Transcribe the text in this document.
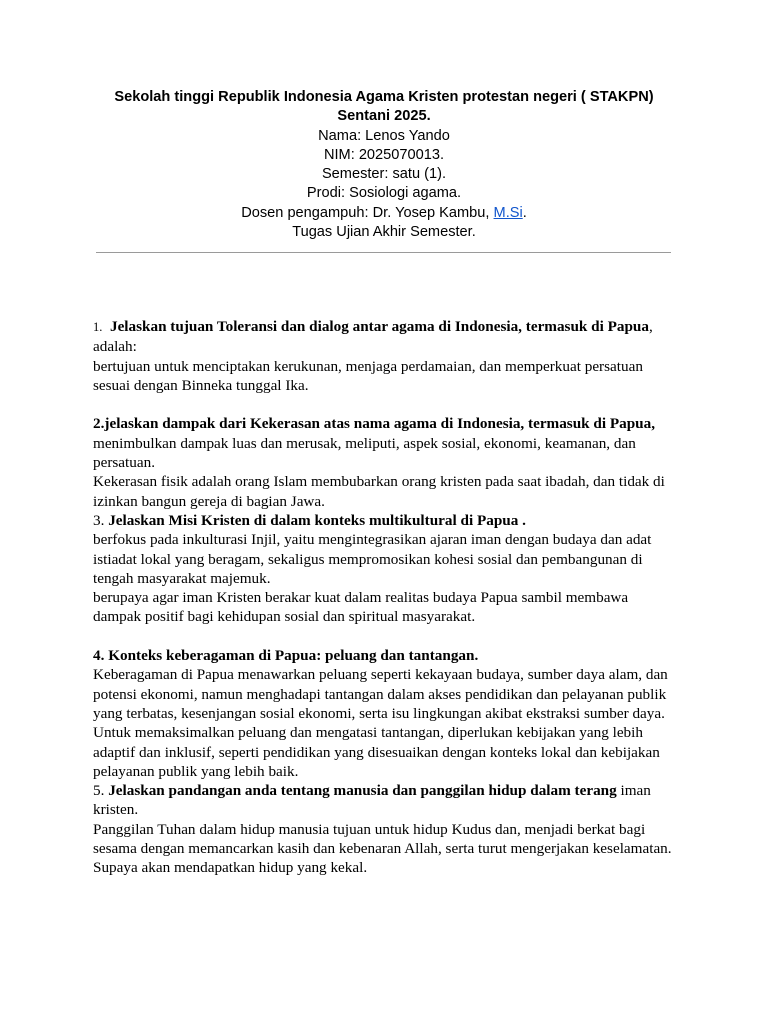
Sekolah tinggi Republik Indonesia Agama Kristen protestan negeri ( STAKPN) Sentani 2025.
Nama: Lenos Yando
NIM: 2025070013.
Semester: satu (1).
Prodi: Sosiologi agama.
Dosen pengampuh: Dr. Yosep Kambu, M.Si.
Tugas Ujian Akhir Semester.

1. Jelaskan tujuan Toleransi dan dialog antar agama di Indonesia, termasuk di Papua, adalah:

bertujuan untuk menciptakan kerukunan, menjaga perdamaian, dan memperkuat persatuan sesuai dengan Binneka tunggal Ika.

2.jelaskan dampak dari Kekerasan atas nama agama di Indonesia, termasuk di Papua,

menimbulkan dampak luas dan merusak, meliputi, aspek sosial, ekonomi, keamanan, dan persatuan.

Kekerasan fisik adalah orang Islam membubarkan orang kristen pada saat ibadah, dan tidak di izinkan bangun gereja di bagian Jawa.

3. Jelaskan Misi Kristen di dalam konteks multikultural di Papua .

berfokus pada inkulturasi Injil, yaitu mengintegrasikan ajaran iman dengan budaya dan adat istiadat lokal yang beragam, sekaligus mempromosikan kohesi sosial dan pembangunan di tengah masyarakat majemuk.

berupaya agar iman Kristen berakar kuat dalam realitas budaya Papua sambil membawa dampak positif bagi kehidupan sosial dan spiritual masyarakat.

4. Konteks keberagaman di Papua: peluang dan tantangan.

Keberagaman di Papua menawarkan peluang seperti kekayaan budaya, sumber daya alam, dan potensi ekonomi, namun menghadapi tantangan dalam akses pendidikan dan pelayanan publik yang terbatas, kesenjangan sosial ekonomi, serta isu lingkungan akibat ekstraksi sumber daya.

Untuk memaksimalkan peluang dan mengatasi tantangan, diperlukan kebijakan yang lebih adaptif dan inklusif, seperti pendidikan yang disesuaikan dengan konteks lokal dan kebijakan pelayanan publik yang lebih baik.

5. Jelaskan pandangan anda tentang manusia dan panggilan hidup dalam terang iman kristen.

Panggilan Tuhan dalam hidup manusia tujuan untuk hidup Kudus dan, menjadi berkat bagi sesama dengan memancarkan kasih dan kebenaran Allah, serta turut mengerjakan keselamatan. Supaya akan mendapatkan hidup yang kekal.
